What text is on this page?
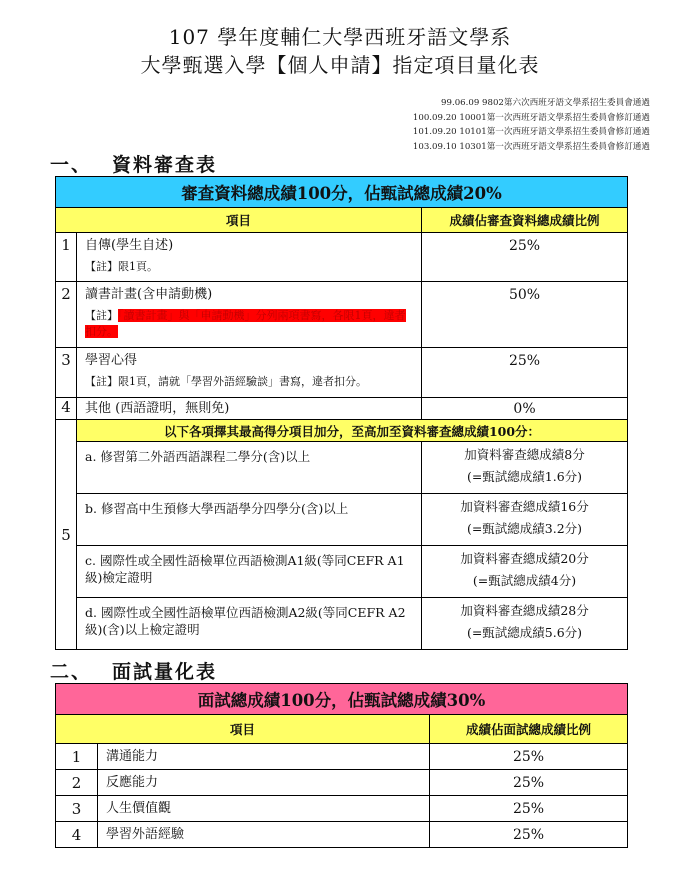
107 學年度輔仁大學西班牙語文學系
大學甄選入學【個人申請】指定項目量化表
99.06.09 9802第六次西班牙語文學系招生委員會通過
100.09.20 10001第一次西班牙語文學系招生委員會修訂通過
101.09.20 10101第一次西班牙語文學系招生委員會修訂通過
103.09.10 10301第一次西班牙語文學系招生委員會修訂通過
一、 資料審查表
審查資料總成績100分，佔甄試總成績20%		
項目		成績佔審查資料總成績比例
1	自傳(學生自述)
【註】限1頁。	25%
2	讀書計畫(含申請動機)
【註】「讀書計畫」與「申請動機」分列兩項書寫，各限1頁，違者扣分。	50%
3	學習心得
【註】限1頁，請就「學習外語經驗談」書寫，違者扣分。	25%
4	其他 (西語證明，無則免)	0%
5	以下各項擇其最高得分項目加分，至高加至資料審查總成績100分：	
	a. 修習第二外語西語課程二學分(含)以上	加資料審查總成績8分
(=甄試總成績1.6分)

	b. 修習高中生預修大學西語學分四學分(含)以上	加資料審查總成績16分
(=甄試總成績3.2分)

	c. 國際性或全國性語檢單位西語檢測A1級(等同CEFR A1級)檢定證明	加資料審查總成績20分
(=甄試總成績4分)

	d. 國際性或全國性語檢單位西語檢測A2級(等同CEFR A2級)(含)以上檢定證明	加資料審查總成績28分
(=甄試總成績5.6分)
二、 面試量化表
面試總成績100分，佔甄試總成績30%		
項目		成績佔面試總成績比例
1	溝通能力	25%
2	反應能力	25%
3	人生價值觀	25%
4	學習外語經驗	25%
